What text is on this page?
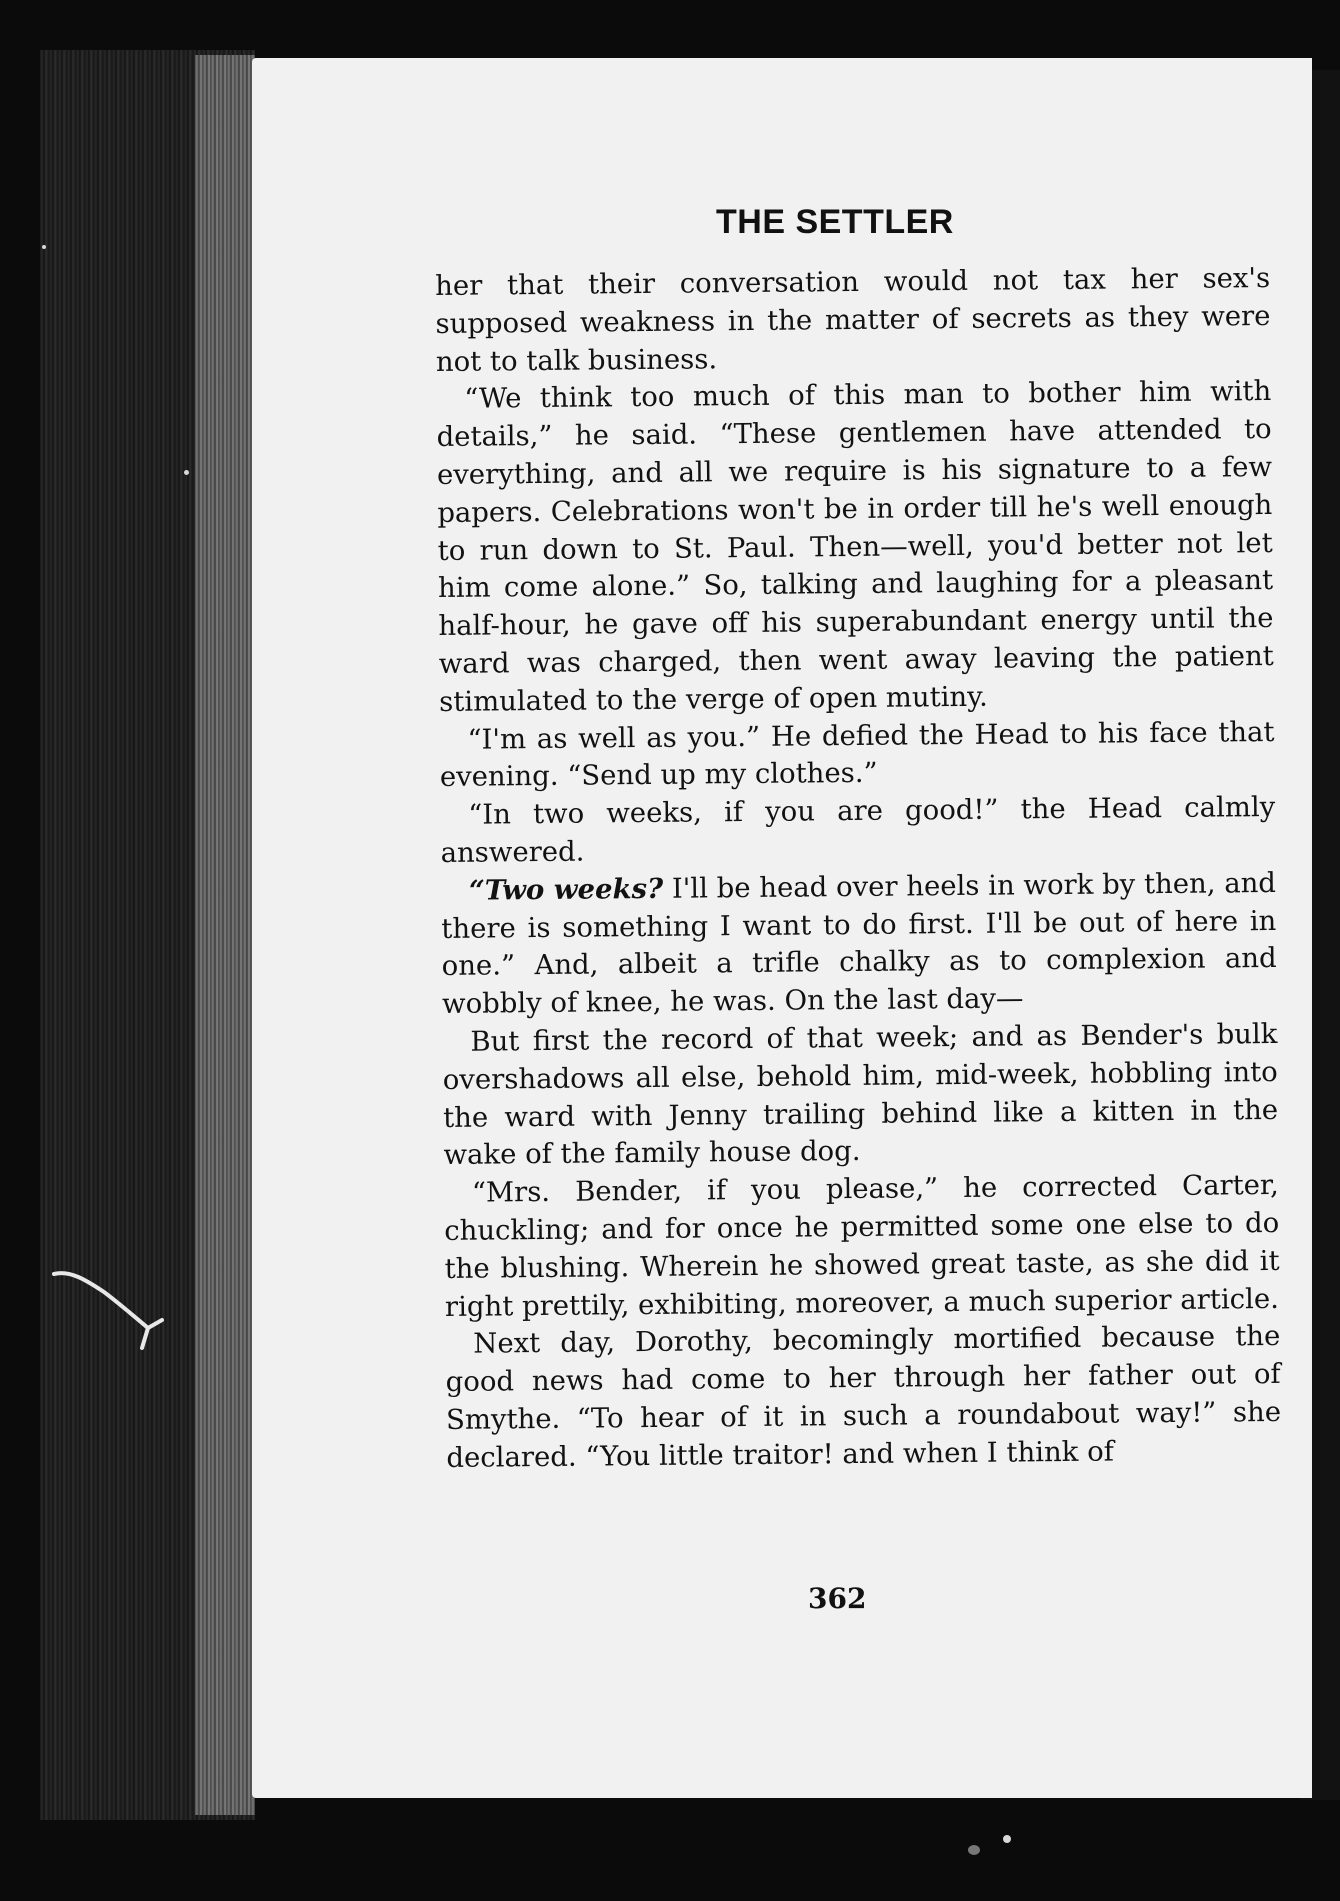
THE SETTLER

her that their conversation would not tax her sex's supposed weakness in the matter of secrets as they were not to talk business.

“We think too much of this man to bother him with details,” he said. “These gentlemen have attended to everything, and all we require is his signature to a few papers. Celebrations won't be in order till he's well enough to run down to St. Paul. Then—well, you'd better not let him come alone.” So, talking and laughing for a pleasant half-hour, he gave off his superabundant energy until the ward was charged, then went away leaving the patient stimulated to the verge of open mutiny.

“I'm as well as you.” He defied the Head to his face that evening. “Send up my clothes.”

“In two weeks, if you are good!” the Head calmly answered.

“Two weeks? I'll be head over heels in work by then, and there is something I want to do first. I'll be out of here in one.” And, albeit a trifle chalky as to complexion and wobbly of knee, he was. On the last day—

But first the record of that week; and as Bender's bulk overshadows all else, behold him, mid-week, hobbling into the ward with Jenny trailing behind like a kitten in the wake of the family house dog.

“Mrs. Bender, if you please,” he corrected Carter, chuckling; and for once he permitted some one else to do the blushing. Wherein he showed great taste, as she did it right prettily, exhibiting, moreover, a much superior article.

Next day, Dorothy, becomingly mortified because the good news had come to her through her father out of Smythe. “To hear of it in such a roundabout way!” she declared. “You little traitor! and when I think of

362
